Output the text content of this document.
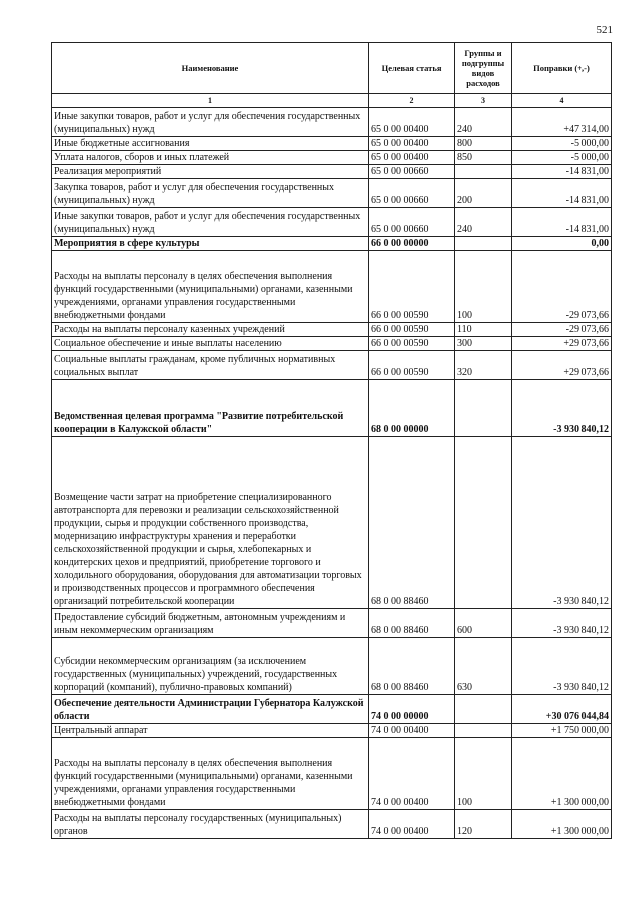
521
Наименование	Целевая статья	Группы и подгруппы видов расходов	Поправки (+,-)
1	2	3	4
Иные закупки товаров, работ и услуг для обеспечения государственных (муниципальных) нужд	65 0 00 00400	240	+47 314,00
Иные бюджетные ассигнования	65 0 00 00400	800	-5 000,00
Уплата налогов, сборов и иных платежей	65 0 00 00400	850	-5 000,00
Реализация мероприятий	65 0 00 00660		-14 831,00
Закупка товаров, работ и услуг для обеспечения государственных (муниципальных) нужд	65 0 00 00660	200	-14 831,00
Иные закупки товаров, работ и услуг для обеспечения государственных (муниципальных) нужд	65 0 00 00660	240	-14 831,00
Мероприятия в сфере культуры	66 0 00 00000		0,00
Расходы на выплаты персоналу в целях обеспечения выполнения функций государственными (муниципальными) органами, казенными учреждениями, органами управления государственными внебюджетными фондами	66 0 00 00590	100	-29 073,66
Расходы на выплаты персоналу казенных учреждений	66 0 00 00590	110	-29 073,66
Социальное обеспечение и иные выплаты населению	66 0 00 00590	300	+29 073,66
Социальные выплаты гражданам, кроме публичных нормативных социальных выплат	66 0 00 00590	320	+29 073,66
Ведомственная целевая программа "Развитие потребительской кооперации в Калужской области"	68 0 00 00000		-3 930 840,12
Возмещение части затрат на приобретение специализированного автотранспорта для перевозки и реализации сельскохозяйственной продукции, сырья и продукции собственного производства, модернизацию инфраструктуры хранения и переработки сельскохозяйственной продукции и сырья, хлебопекарных и кондитерских цехов и предприятий, приобретение торгового и холодильного оборудования, оборудования для автоматизации торговых и производственных процессов и программного обеспечения организаций потребительской кооперации	68 0 00 88460		-3 930 840,12
Предоставление субсидий бюджетным, автономным учреждениям и иным некоммерческим организациям	68 0 00 88460	600	-3 930 840,12
Субсидии некоммерческим организациям (за исключением государственных (муниципальных) учреждений, государственных корпораций (компаний), публично-правовых компаний)	68 0 00 88460	630	-3 930 840,12
Обеспечение деятельности Администрации Губернатора Калужской области	74 0 00 00000		+30 076 044,84
Центральный аппарат	74 0 00 00400		+1 750 000,00
Расходы на выплаты персоналу в целях обеспечения выполнения функций государственными (муниципальными) органами, казенными учреждениями, органами управления государственными внебюджетными фондами	74 0 00 00400	100	+1 300 000,00
Расходы на выплаты персоналу государственных (муниципальных) органов	74 0 00 00400	120	+1 300 000,00
